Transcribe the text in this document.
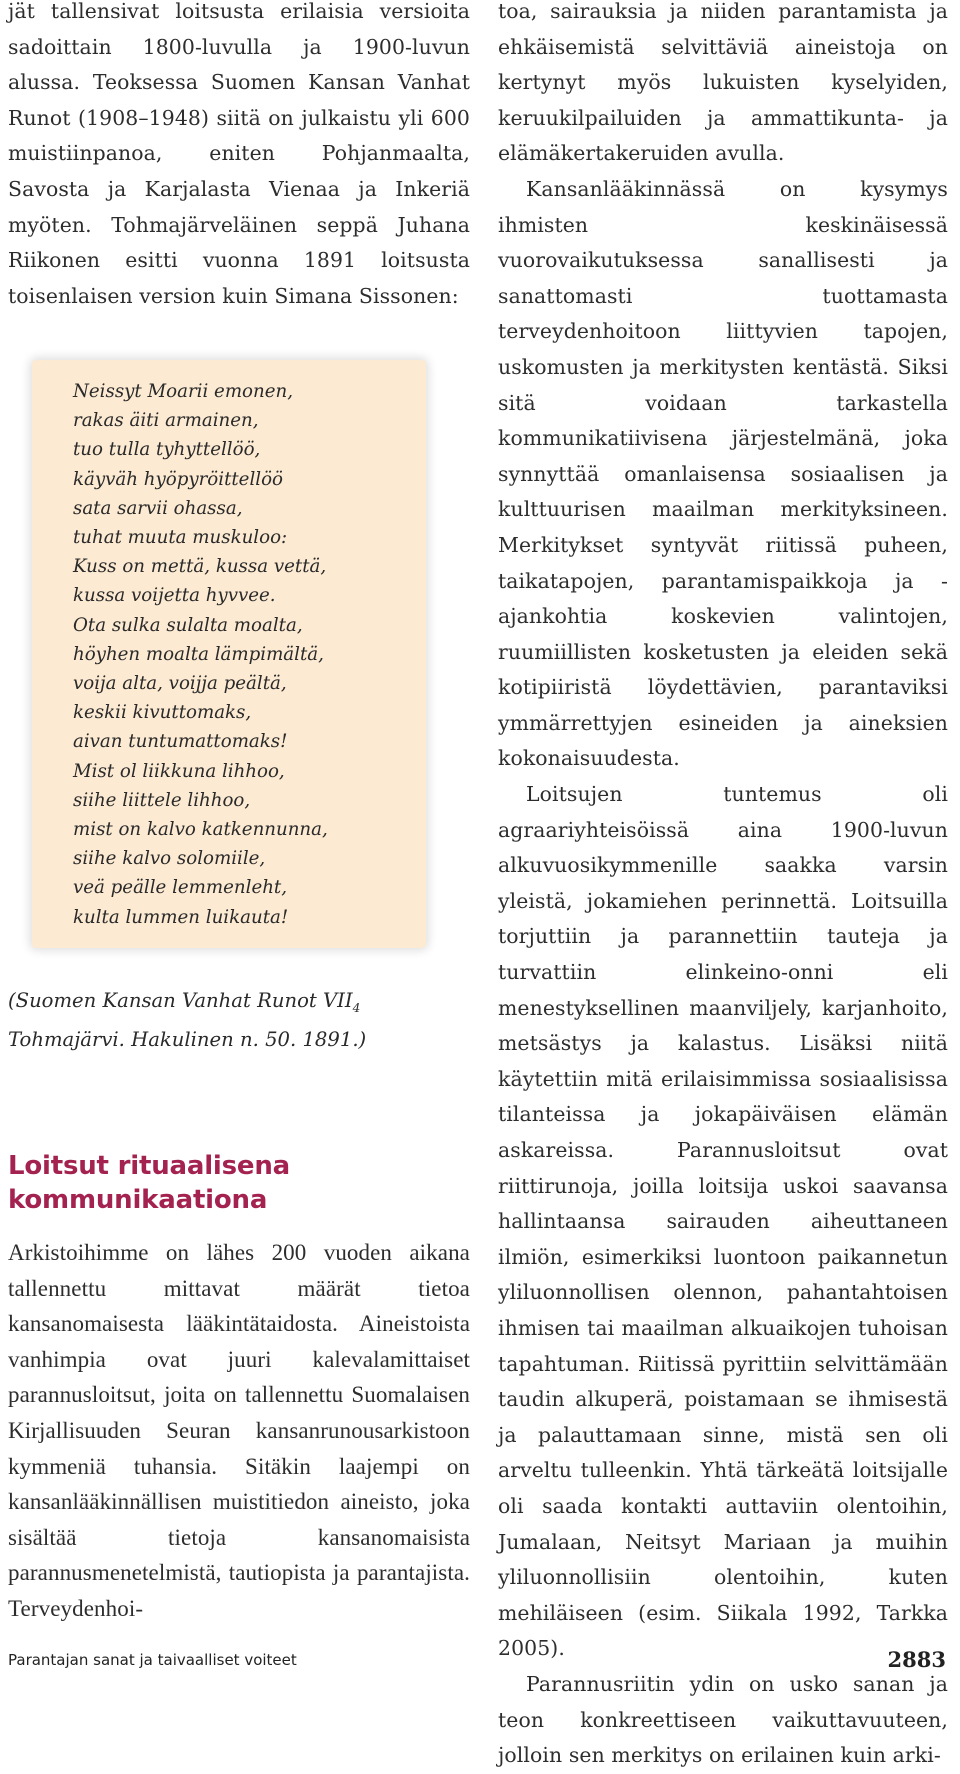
jät tallensivat loitsusta erilaisia versioita sadoittain 1800-luvulla ja 1900-luvun alussa. Teoksessa Suomen Kansan Vanhat Runot (1908–1948) siitä on julkaistu yli 600 muistiinpanoa, eniten Pohjanmaalta, Savosta ja Karjalasta Vienaa ja Inkeriä myöten. Tohmajärveläinen seppä Juhana Riikonen esitti vuonna 1891 loitsusta toisenlaisen version kuin Simana Sissonen:

Neissyt Moarii emonen,
rakas äiti armainen,
tuo tulla tyhyttellöö,
käyväh hyöpyröittellöö
sata sarvii ohassa,
tuhat muuta muskuloo:
Kuss on mettä, kussa vettä,
kussa voijetta hyvvee.
Ota sulka sulalta moalta,
höyhen moalta lämpimältä,
voija alta, voijja peältä,
keskii kivuttomaks,
aivan tuntumattomaks!
Mist ol liikkuna lihhoo,
siihe liittele lihhoo,
mist on kalvo katkennunna,
siihe kalvo solomiile,
veä peälle lemmenleht,
kulta lummen luikauta!
(Suomen Kansan Vanhat Runot $VII_4$
Tohmajärvi. Hakulinen n. 50. 1891.)
Loitsut rituaalisena
kommunikaationa

Arkistoihimme on lähes 200 vuoden aikana tallennettu mittavat määrät tietoa kansanomaisesta lääkintätaidosta. Aineistoista vanhimpia ovat juuri kalevalamittaiset parannusloitsut, joita on tallennettu Suomalaisen Kirjallisuuden Seuran kansanrunousarkistoon kymmeniä tuhansia. Sitäkin laajempi on kansanlääkinnällisen muistitiedon aineisto, joka sisältää tietoja kansanomaisista parannusmenetelmistä, tautiopista ja parantajista. Terveydenhoi-

toa, sairauksia ja niiden parantamista ja ehkäisemistä selvittäviä aineistoja on kertynyt myös lukuisten kyselyiden, keruukilpailuiden ja ammattikunta- ja elämäkertakeruiden avulla.

Kansanlääkinnässä on kysymys ihmisten keskinäisessä vuorovaikutuksessa sanallisesti ja sanattomasti tuottamasta terveydenhoitoon liittyvien tapojen, uskomusten ja merkitysten kentästä. Siksi sitä voidaan tarkastella kommunikatiivisena järjestelmänä, joka synnyttää omanlaisensa sosiaalisen ja kulttuurisen maailman merkityksineen. Merkitykset syntyvät riitissä puheen, taikatapojen, parantamispaikkoja ja -ajankohtia koskevien valintojen, ruumiillisten kosketusten ja eleiden sekä kotipiiristä löydettävien, parantaviksi ymmärrettyjen esineiden ja aineksien kokonaisuudesta.

Loitsujen tuntemus oli agraariyhteisöissä aina 1900-luvun alkuvuosikymmenille saakka varsin yleistä, jokamiehen perinnettä. Loitsuilla torjuttiin ja parannettiin tauteja ja turvattiin elinkeino-onni eli menestyksellinen maanviljely, karjanhoito, metsästys ja kalastus. Lisäksi niitä käytettiin mitä erilaisimmissa sosiaalisissa tilanteissa ja jokapäiväisen elämän askareissa. Parannusloitsut ovat riittirunoja, joilla loitsija uskoi saavansa hallintaansa sairauden aiheuttaneen ilmiön, esimerkiksi luontoon paikannetun yliluonnollisen olennon, pahantahtoisen ihmisen tai maailman alkuaikojen tuhoisan tapahtuman. Riitissä pyrittiin selvittämään taudin alkuperä, poistamaan se ihmisestä ja palauttamaan sinne, mistä sen oli arveltu tulleenkin. Yhtä tärkeätä loitsijalle oli saada kontakti auttaviin olentoihin, Jumalaan, Neitsyt Mariaan ja muihin yliluonnollisiin olentoihin, kuten mehiläiseen (esim. Siikala 1992, Tarkka 2005).

Parannusriitin ydin on usko sanan ja teon konkreettiseen vaikuttavuuteen, jolloin sen merkitys on erilainen kuin arki-

Parantajan sanat ja taivaalliset voiteet	2883
